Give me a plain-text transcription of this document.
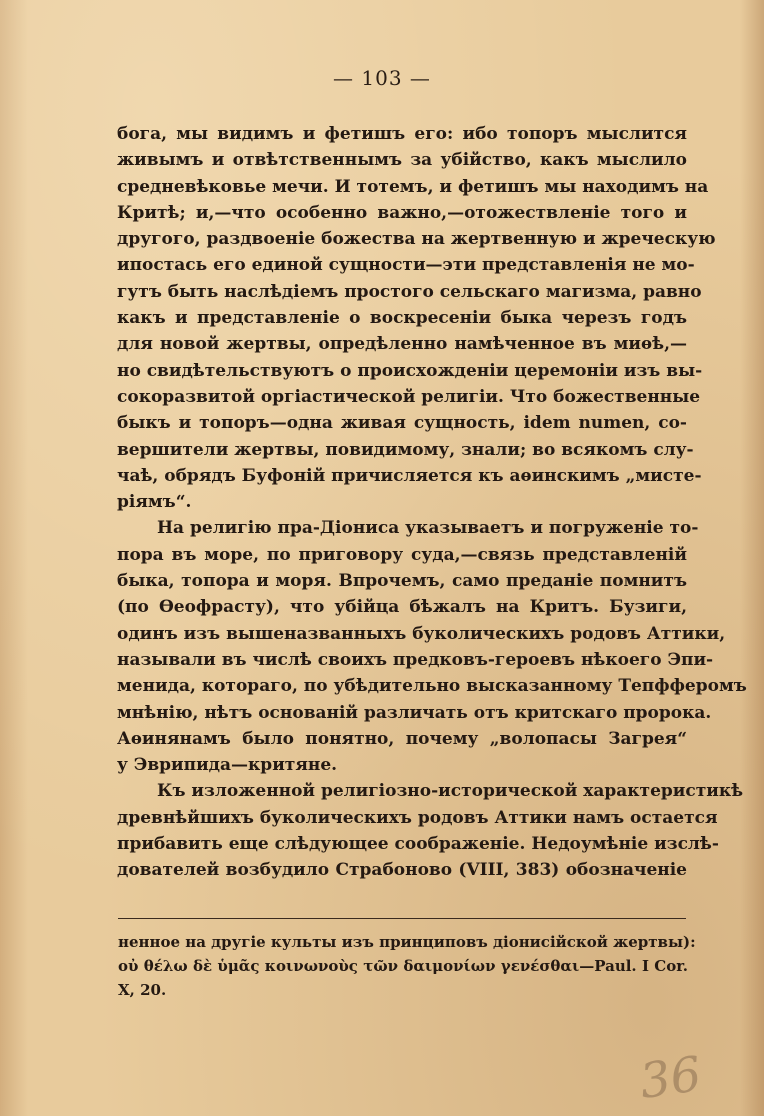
— 103 —
бога, мы видимъ и фетишъ его: ибо топоръ мыслится
живымъ и отвѣтственнымъ за убійство, какъ мыслило
средневѣковье мечи. И тотемъ, и фетишъ мы находимъ на
Критѣ; и,—что особенно важно,—отожествленіе того и
другого, раздвоеніе божества на жертвенную и жреческую
ипостась его единой сущности—эти представленія не мо-
гутъ быть наслѣдіемъ простого сельскаго магизма, равно
какъ и представленіе о воскресеніи быка черезъ годъ
для новой жертвы, опредѣленно намѣченное въ миѳѣ,—
но свидѣтельствуютъ о происхожденіи церемоніи изъ вы-
сокоразвитой оргіастической религіи. Что божественные
быкъ и топоръ—одна живая сущность, idem numen, со-
вершители жертвы, повидимому, знали; во всякомъ слу-
чаѣ, обрядъ Буфоній причисляется къ аѳинскимъ „мисте-
ріямъ“.
На религію пра-Діониса указываетъ и погруженіе то-
пора въ море, по приговору суда,—связь представленій
быка, топора и моря. Впрочемъ, само преданіе помнитъ
(по Ѳеофрасту), что убійца бѣжалъ на Критъ. Бузиги,
одинъ изъ вышеназванныхъ буколическихъ родовъ Аттики,
называли въ числѣ своихъ предковъ-героевъ нѣкоего Эпи-
менида, котораго, по убѣдительно высказанному Тепфферомъ
мнѣнію, нѣтъ основаній различать отъ критскаго пророка.
Аѳинянамъ было понятно, почему „волопасы Загрея“
у Эврипида—критяне.
Къ изложенной религіозно-исторической характеристикѣ
древнѣйшихъ буколическихъ родовъ Аттики намъ остается
прибавить еще слѣдующее соображеніе. Недоумѣніе изслѣ-
дователей возбудило Страбоново (VIII, 383) обозначеніе
ненное на другіе культы изъ принциповъ діонисійской жертвы):
οὐ θέλω δὲ ὑμᾶς κοινωνοὺς τῶν δαιμονίων γενέσθαι—Paul. I Cor.
X, 20.
36
